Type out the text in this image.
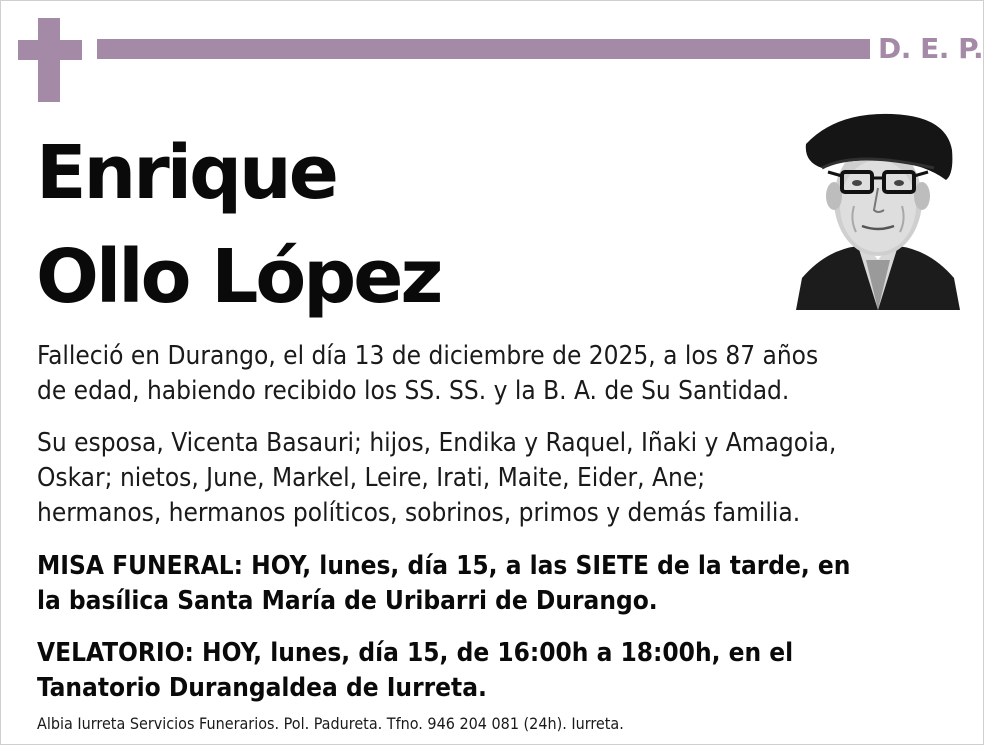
D. E. P.
Enrique
Ollo López
Falleció en Durango, el día 13 de diciembre de 2025, a los 87 años
de edad, habiendo recibido los SS. SS. y la B. A. de Su Santidad.
Su esposa, Vicenta Basauri; hijos, Endika y Raquel, Iñaki y Amagoia,
Oskar; nietos, June, Markel, Leire, Irati, Maite, Eider, Ane;
hermanos, hermanos políticos, sobrinos, primos y demás familia.
MISA FUNERAL: HOY, lunes, día 15, a las SIETE de la tarde, en
la basílica Santa María de Uribarri de Durango.
VELATORIO: HOY, lunes, día 15, de 16:00h a 18:00h, en el
Tanatorio Durangaldea de Iurreta.
Albia Iurreta Servicios Funerarios. Pol. Padureta. Tfno. 946 204 081 (24h). Iurreta.
